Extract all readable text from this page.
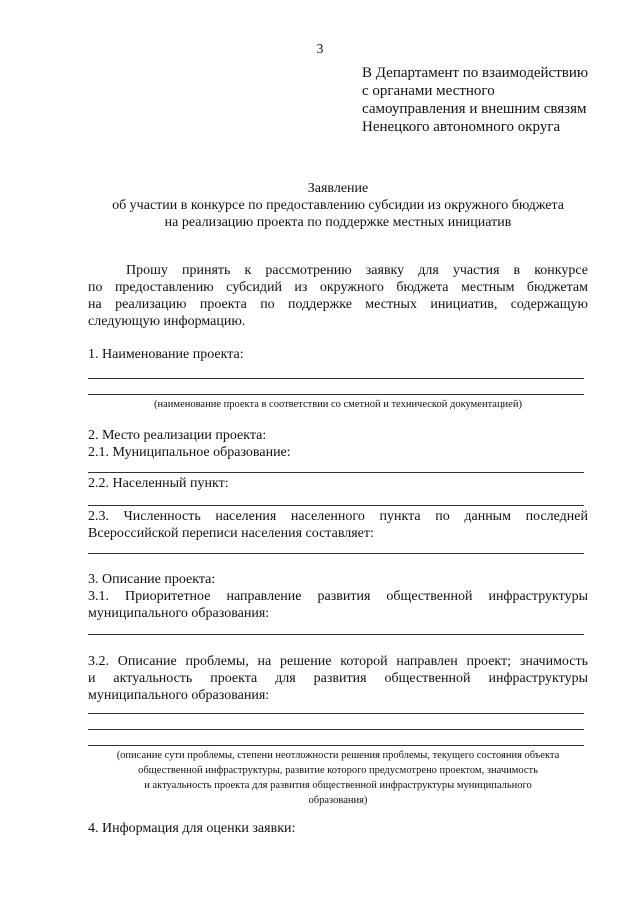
3
В Департамент по взаимодействию
с органами местного
самоуправления и внешним связям
Ненецкого автономного округа
Заявление
об участии в конкурсе по предоставлению субсидии из окружного бюджета
на реализацию проекта по поддержке местных инициатив
Прошу принять к рассмотрению заявку для участия в конкурсе
по предоставлению субсидий из окружного бюджета местным бюджетам
на реализацию проекта по поддержке местных инициатив, содержащую
следующую информацию.
1. Наименование проекта:
(наименование проекта в соответствии со сметной и технической документацией)
2. Место реализации проекта:
2.1. Муниципальное образование:
2.2. Населенный пункт:
2.3. Численность населения населенного пункта по данным последней
Всероссийской переписи населения составляет:
3. Описание проекта:
3.1. Приоритетное направление развития общественной инфраструктуры
муниципального образования:
3.2. Описание проблемы, на решение которой направлен проект; значимость
и актуальность проекта для развития общественной инфраструктуры
муниципального образования:
(описание сути проблемы, степени неотложности решения проблемы, текущего состояния объекта
общественной инфраструктуры, развитие которого предусмотрено проектом, значимость
и актуальность проекта для развития общественной инфраструктуры муниципального
образования)
4. Информация для оценки заявки:
